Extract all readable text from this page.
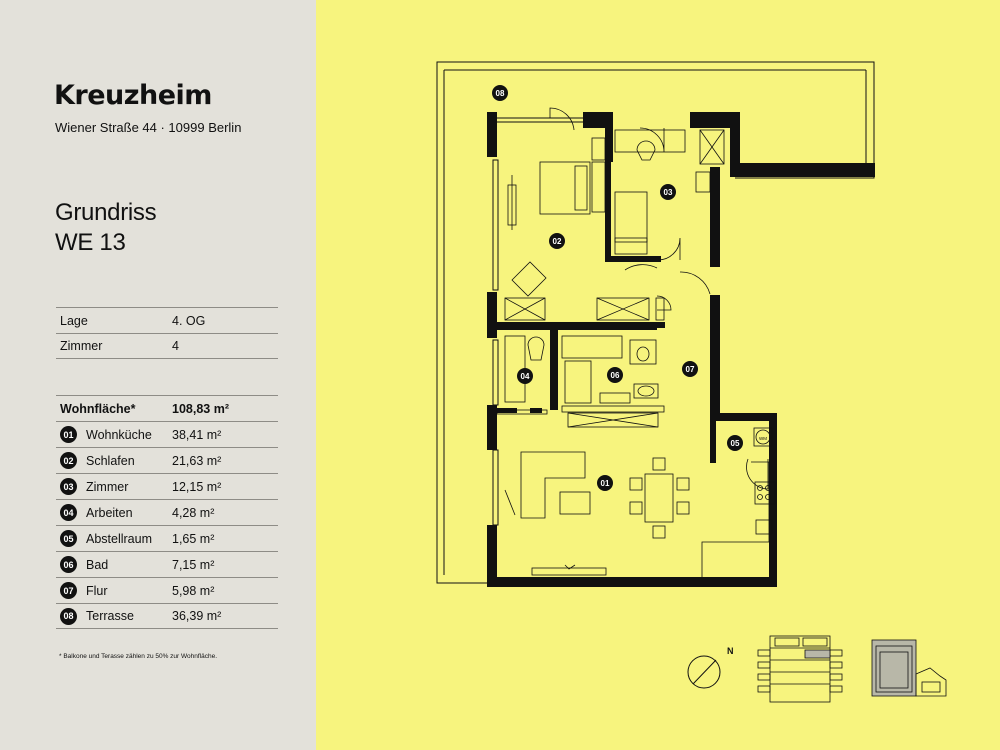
Kreuzheim
Wiener Straße 44 · 10999 Berlin
Grundriss
WE 13
Lage	4. OG
Zimmer	4
Wohnfläche*	108,83 m²
01 Wohnküche 38,41 m²
02 Schlafen	21,63 m²
03 Zimmer	12,15 m²
04 Arbeiten	4,28 m²
05 Abstellraum 1,65 m²
06 Bad	7,15 m²
07 Flur	5,98 m²
08 Terrasse	36,39 m²
* Balkone und Terasse zählen zu 50% zur Wohnfläche.
WM
08
02
03
04	06
07
05
01
N
